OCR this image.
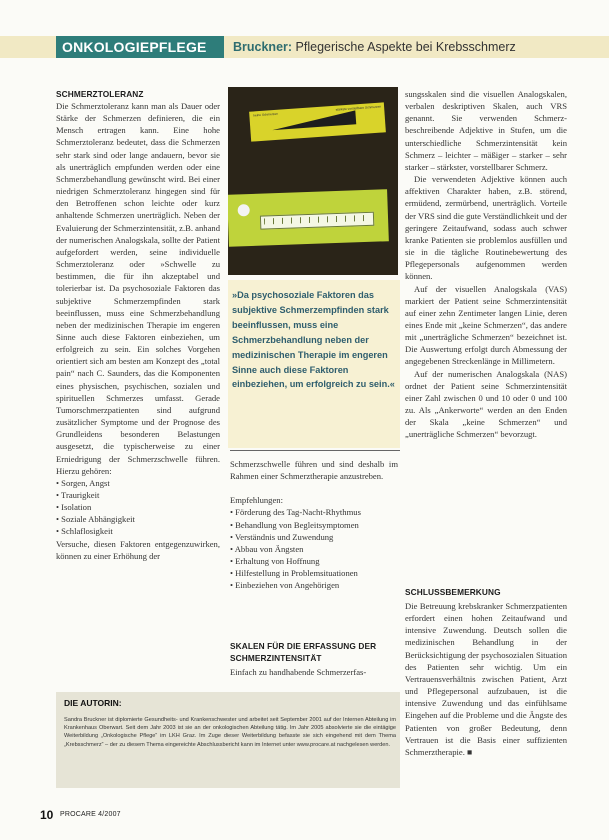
ONKOLOGIEPFLEGE	Bruckner: Pflegerische Aspekte bei Krebsschmerz
SCHMERZTOLERANZ

Die Schmerztoleranz kann man als Dauer oder Stärke der Schmerzen definieren, die ein Mensch ertragen kann. Eine hohe Schmerztoleranz bedeutet, dass die Schmerzen sehr stark sind oder lange andauern, bevor sie als unerträglich empfunden werden oder eine Schmerzbehandlung gewünscht wird. Bei einer niedrigen Schmerztoleranz hingegen sind für den Betroffenen schon leichte oder kurz anhaltende Schmerzen unerträglich. Neben der Evaluierung der Schmerzintensität, z.B. anhand der numerischen Analogskala, sollte der Patient aufgefordert werden, seine individuelle Schmerztoleranz oder »Schwelle zu bestimmen, die für ihn akzeptabel und tolerierbar ist. Da psychosoziale Faktoren das subjektive Schmerzempfinden stark beeinflussen, muss eine Schmerzbehandlung neben der medizinischen Therapie im engeren Sinne auch diese Faktoren einbeziehen, um erfolgreich zu sein. Ein solches Vorgehen orientiert sich am besten am Konzept des „total pain“ nach C. Saunders, das die Komponenten eines physischen, psychischen, sozialen und spirituellen Schmerzes umfasst. Gerade Tumorschmerzpatienten sind aufgrund zusätzlicher Symptome und der Prognose des Grundleidens besonderen Belastungen ausgesetzt, die typischerweise zu einer Erniedrigung der Schmerzschwelle führen. Hierzu gehören:

• Sorgen, Angst
• Traurigkeit
• Isolation
• Soziale Abhängigkeit
• Schlaflosigkeit

Versuche, diesen Faktoren entgegenzuwirken, können zu einer Erhöhung der

keine Schmerzen
stärkste vorstellbare Schmerzen
»Da psychosoziale Faktoren das subjektive Schmerzempfinden stark beeinflussen, muss eine Schmerzbehandlung neben der medizinischen Therapie im engeren Sinne auch diese Faktoren einbeziehen, um erfolgreich zu sein.«

Schmerzschwelle führen und sind deshalb im Rahmen einer Schmerztherapie anzustreben.

Empfehlungen:

• Förderung des Tag-Nacht-Rhythmus
• Behandlung von Begleitsymptomen
• Verständnis und Zuwendung
• Abbau von Ängsten
• Erhaltung von Hoffnung
• Hilfestellung in Problemsituationen
• Einbeziehen von Angehörigen
SKALEN FÜR DIE ERFASSUNG DER SCHMERZINTENSITÄT

Einfach zu handhabende Schmerzerfas-

sungsskalen sind die visuellen Analogskalen, verbalen deskriptiven Skalen, auch VRS genannt. Sie verwenden Schmerz-beschreibende Adjektive in Stufen, um die unterschiedliche Schmerzintensität kein Schmerz – leichter – mäßiger – starker – sehr starker – stärkster, vorstellbarer Schmerz.

Die verwendeten Adjektive können auch affektiven Charakter haben, z.B. störend, ermüdend, zermürbend, unerträglich. Vorteile der VRS sind die gute Verständlichkeit und der geringere Zeitaufwand, sodass auch schwer kranke Patienten sie problemlos ausfüllen und sie in die tägliche Routinebewertung des Pflegepersonals aufgenommen werden können.

Auf der visuellen Analogskala (VAS) markiert der Patient seine Schmerzintensität auf einer zehn Zentimeter langen Linie, deren eines Ende mit „keine Schmerzen“, das andere mit „unerträgliche Schmerzen“ bezeichnet ist. Die Auswertung erfolgt durch Abmessung der angegebenen Streckenlänge in Millimetern.

Auf der numerischen Analogskala (NAS) ordnet der Patient seine Schmerzintensität einer Zahl zwischen 0 und 10 oder 0 und 100 zu. Als „Ankerworte“ werden an den Enden der Skala „keine Schmerzen“ und „unerträgliche Schmerzen“ bevorzugt.

SCHLUSSBEMERKUNG

Die Betreuung krebskranker Schmerzpatienten erfordert einen hohen Zeitaufwand und intensive Zuwendung. Deutsch sollen die medizinischen Behandlung in der Berücksichtigung der psychosozialen Situation des Patienten sehr wichtig. Um ein Vertrauensverhältnis zwischen Patient, Arzt und Pflegepersonal aufzubauen, ist die intensive Zuwendung und das einfühlsame Eingehen auf die Probleme und die Ängste des Patienten von großer Bedeutung, denn Vertrauen ist die Basis einer suffizienten Schmerztherapie. ■

DIE AUTORIN:

Sandra Bruckner ist diplomierte Gesundheits- und Krankenschwester und arbeitet seit September 2001 auf der Internen Abteilung im Krankenhaus Oberwart. Seit dem Jahr 2003 ist sie an der onkologischen Abteilung tätig. Im Jahr 2005 absolvierte sie die eintägige Weiterbildung „Onkologische Pflege“ im LKH Graz. Im Zuge dieser Weiterbildung befasste sie sich eingehend mit dem Thema „Krebsschmerz“ – der zu diesem Thema eingereichte Abschlussbericht kann im Internet unter www.procare.at nachgelesen werden.

10 PROCARE 4/2007
